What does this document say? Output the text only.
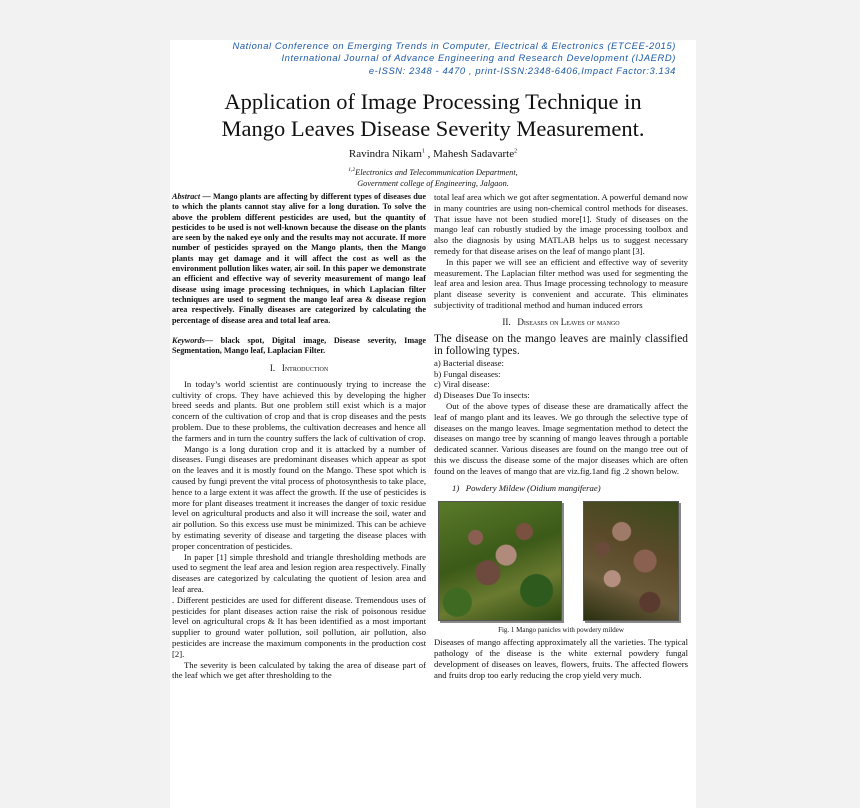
National Conference on Emerging Trends in Computer, Electrical & Electronics (ETCEE-2015)
International Journal of Advance Engineering and Research Development (IJAERD)
e-ISSN: 2348 - 4470 , print-ISSN:2348-6406,Impact Factor:3.134
Application of Image Processing Technique in
Mango Leaves Disease Severity Measurement.
Ravindra Nikam$^1$ , Mahesh Sadavarte$^2$
$^{1,2}$Electronics and Telecommunication Department,
Government college of Engineering, Jalgaon.

Abstract — Mango plants are affecting by different types of diseases due to which the plants cannot stay alive for a long duration. To solve the above the problem different pesticides are used, but the quantity of pesticides to be used is not well-known because the disease on the plants are seen by the naked eye only and the results may not accurate. If more number of pesticides sprayed on the Mango plants, then the Mango plants may get damage and it will affect the cost as well as the environment pollution likes water, air soil. In this paper we demonstrate an efficient and effective way of severity measurement of mango leaf disease using image processing techniques, in which Laplacian filter techniques are used to segment the mango leaf area & disease region area respectively. Finally diseases are categorized by calculating the percentage of disease area and total leaf area.

Keywords— black spot, Digital image, Disease severity, Image Segmentation, Mango leaf, Laplacian Filter.

I. Introduction

In today’s world scientist are continuously trying to increase the cultivity of crops. They have achieved this by developing the higher breed seeds and plants. But one problem still exist which is a major concern of the cultivation of crop and that is crop diseases and the pests problem. Due to these problems, the cultivation decreases and hence all the farmers and in turn the country suffers the lack of cultivation of crop.

Mango is a long duration crop and it is attacked by a number of diseases. Fungi diseases are predominant diseases which appear as spot on the leaves and it is mostly found on the Mango. These spot which is caused by fungi prevent the vital process of photosynthesis to take place, hence to a large extent it was affect the growth. If the use of pesticides is more for plant diseases treatment it increases the danger of toxic residue level on agricultural products and also it will increase the soil, water and air pollution. So this excess use must be minimized. This can be achieve by estimating severity of disease and targeting the disease places with proper concentration of pesticides.

In paper [1] simple threshold and triangle thresholding methods are used to segment the leaf area and lesion region area respectively. Finally diseases are categorized by calculating the quotient of lesion area and leaf area.

. Different pesticides are used for different disease. Tremendous uses of pesticides for plant diseases action raise the risk of poisonous residue level on agricultural crops & It has been identified as a most important supplier to ground water pollution, soil pollution, air pollution, also pesticides are increase the maximum components in the production cost [2].

The severity is been calculated by taking the area of disease part of the leaf which we get after thresholding to the

total leaf area which we got after segmentation. A powerful demand now in many countries are using non-chemical control methods for diseases. That issue have not been studied more[1]. Study of diseases on the mango leaf can robustly studied by the image processing toolbox and also the diagnosis by using MATLAB helps us to suggest necessary remedy for that disease arises on the leaf of mango plant [3].

In this paper we will see an efficient and effective way of severity measurement. The Laplacian filter method was used for segmenting the leaf area and lesion area. Thus Image processing technology to measure plant disease severity is convenient and accurate. This eliminates subjectivity of traditional method and human induced errors

II. Diseases on Leaves of mango

The disease on the mango leaves are mainly classified in following types.

a) Bacterial disease:

b) Fungal diseases:

c) Viral disease:

d) Diseases Due To insects:

Out of the above types of disease these are dramatically affect the leaf of mango plant and its leaves. We go through the selective type of diseases on the mango leaves. Image segmentation method to detect the diseases on mango tree by scanning of mango leaves through a portable dedicated scanner. Various diseases are found on the mango tree out of this we discuss the disease some of the major diseases which are often found on the leaves of mango that are viz.fig.1and fig .2 shown below.

1) Powdery Mildew (Oidium mangiferae)

Fig. 1 Mango panicles with powdery mildew

Diseases of mango affecting approximately all the varieties. The typical pathology of the disease is the white external powdery fungal development of diseases on leaves, flowers, fruits. The affected flowers and fruits drop too early reducing the crop yield very much.
